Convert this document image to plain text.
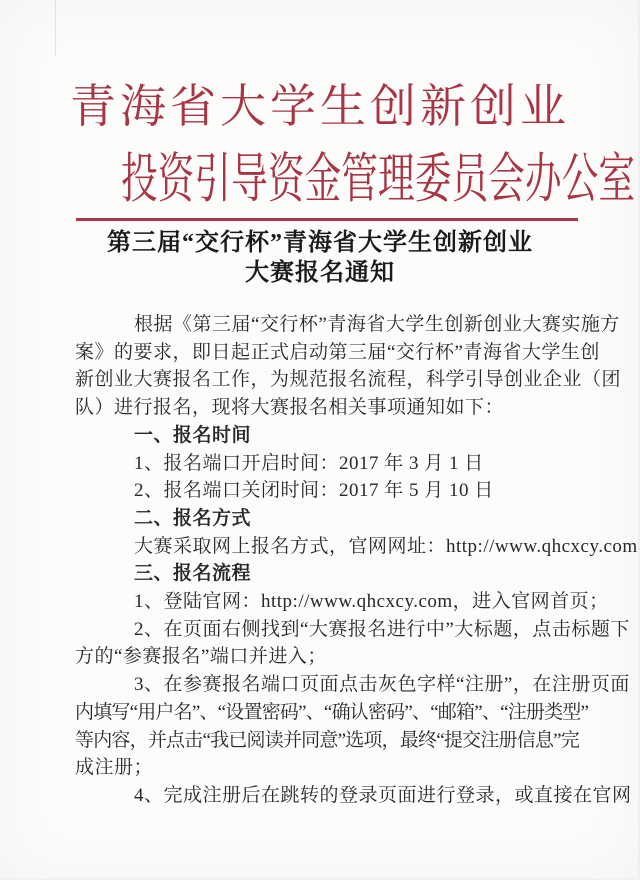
青海省大学生创新创业
投资引导资金管理委员会办公室
第三届“交行杯”青海省大学生创新创业
大赛报名通知
根据《第三届“交行杯”青海省大学生创新创业大赛实施方
案》的要求，即日起正式启动第三届“交行杯”青海省大学生创
新创业大赛报名工作，为规范报名流程，科学引导创业企业（团
队）进行报名，现将大赛报名相关事项通知如下：
一、报名时间
1、报名端口开启时间：2017 年 3 月 1 日
2、报名端口关闭时间：2017 年 5 月 10 日
二、报名方式
大赛采取网上报名方式，官网网址：http://www.qhcxcy.com
三、报名流程
1、登陆官网：http://www.qhcxcy.com，进入官网首页；
2、在页面右侧找到“大赛报名进行中”大标题，点击标题下
方的“参赛报名”端口并进入；
3、在参赛报名端口页面点击灰色字样“注册”，在注册页面
内填写“用户名”、“设置密码”、“确认密码”、“邮箱”、“注册类型”
等内容，并点击“我已阅读并同意”选项，最终“提交注册信息”完
成注册；
4、完成注册后在跳转的登录页面进行登录，或直接在官网
